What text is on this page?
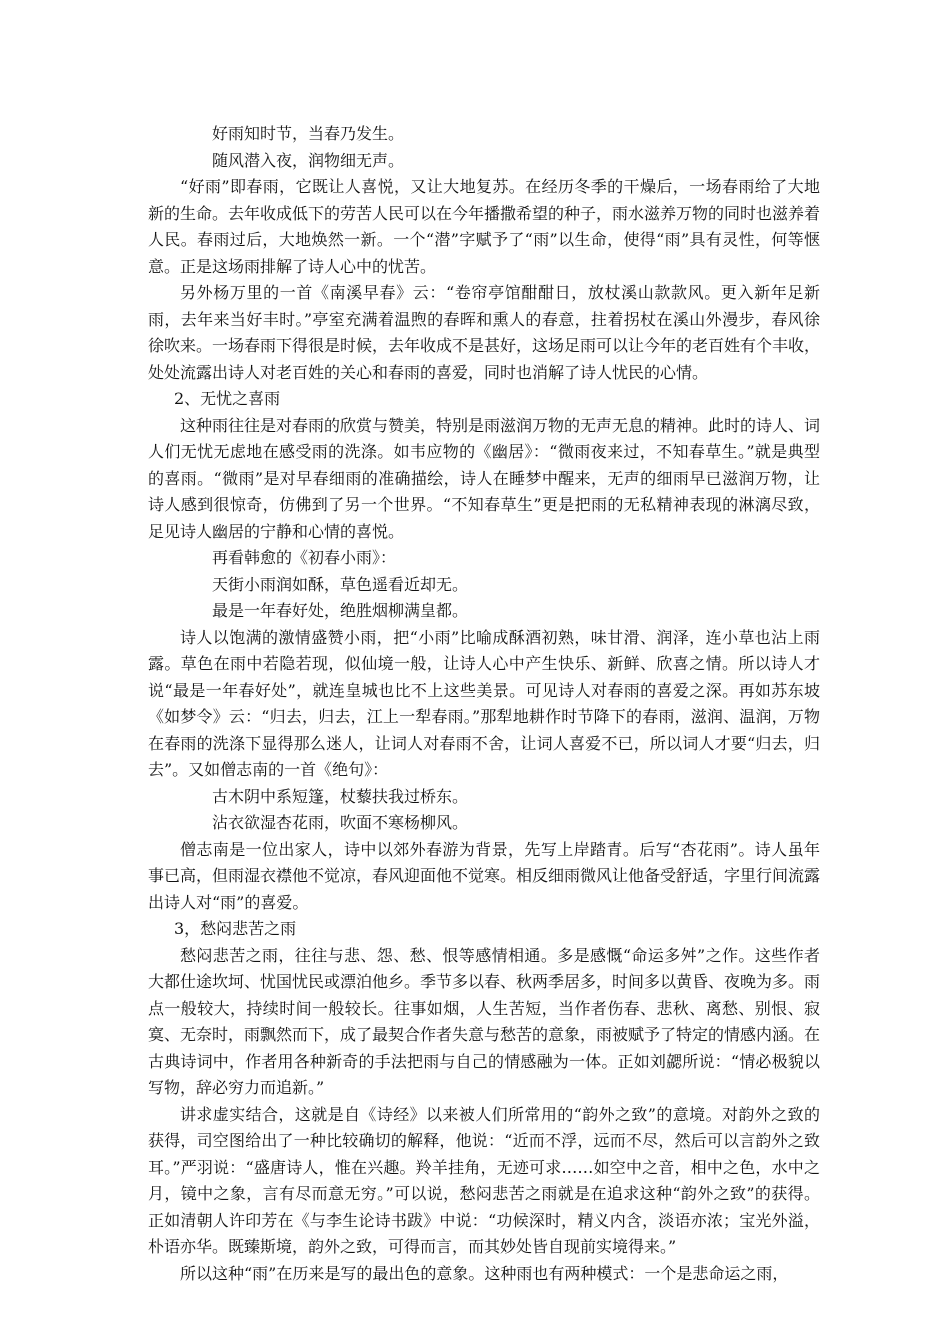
好雨知时节，当春乃发生。

随风潜入夜，润物细无声。

“好雨”即春雨，它既让人喜悦，又让大地复苏。在经历冬季的干燥后，一场春雨给了大地新的生命。去年收成低下的劳苦人民可以在今年播撒希望的种子，雨水滋养万物的同时也滋养着人民。春雨过后，大地焕然一新。一个“潜”字赋予了“雨”以生命，使得“雨”具有灵性，何等惬意。正是这场雨排解了诗人心中的忧苦。

另外杨万里的一首《南溪早春》云：“卷帘亭馆酣酣日，放杖溪山款款风。更入新年足新雨，去年来当好丰时。”亭室充满着温煦的春晖和熏人的春意，拄着拐杖在溪山外漫步，春风徐徐吹来。一场春雨下得很是时候，去年收成不是甚好，这场足雨可以让今年的老百姓有个丰收，处处流露出诗人对老百姓的关心和春雨的喜爱，同时也消解了诗人忧民的心情。

2、无忧之喜雨

这种雨往往是对春雨的欣赏与赞美，特别是雨滋润万物的无声无息的精神。此时的诗人、词人们无忧无虑地在感受雨的洗涤。如韦应物的《幽居》：“微雨夜来过，不知春草生。”就是典型的喜雨。“微雨”是对早春细雨的准确描绘，诗人在睡梦中醒来，无声的细雨早已滋润万物，让诗人感到很惊奇，仿佛到了另一个世界。“不知春草生”更是把雨的无私精神表现的淋漓尽致，足见诗人幽居的宁静和心情的喜悦。

再看韩愈的《初春小雨》：

天街小雨润如酥，草色遥看近却无。

最是一年春好处，绝胜烟柳满皇都。

诗人以饱满的激情盛赞小雨，把“小雨”比喻成酥酒初熟，味甘滑、润泽，连小草也沾上雨露。草色在雨中若隐若现，似仙境一般，让诗人心中产生快乐、新鲜、欣喜之情。所以诗人才说“最是一年春好处”，就连皇城也比不上这些美景。可见诗人对春雨的喜爱之深。再如苏东坡《如梦令》云：“归去，归去，江上一犁春雨。”那犁地耕作时节降下的春雨，滋润、温润，万物在春雨的洗涤下显得那么迷人，让词人对春雨不舍，让词人喜爱不已，所以词人才要“归去，归去”。又如僧志南的一首《绝句》：

古木阴中系短篷，杖藜扶我过桥东。

沾衣欲湿杏花雨，吹面不寒杨柳风。

僧志南是一位出家人，诗中以郊外春游为背景，先写上岸踏青。后写“杏花雨”。诗人虽年事已高，但雨湿衣襟他不觉凉，春风迎面他不觉寒。相反细雨微风让他备受舒适，字里行间流露出诗人对“雨”的喜爱。

3，愁闷悲苦之雨

愁闷悲苦之雨，往往与悲、怨、愁、恨等感情相通。多是感慨“命运多舛”之作。这些作者大都仕途坎坷、忧国忧民或漂泊他乡。季节多以春、秋两季居多，时间多以黄昏、夜晚为多。雨点一般较大，持续时间一般较长。往事如烟，人生苦短，当作者伤春、悲秋、离愁、别恨、寂寞、无奈时，雨飘然而下，成了最契合作者失意与愁苦的意象，雨被赋予了特定的情感内涵。在古典诗词中，作者用各种新奇的手法把雨与自己的情感融为一体。正如刘勰所说：“情必极貌以写物，辞必穷力而追新。”

讲求虚实结合，这就是自《诗经》以来被人们所常用的“韵外之致”的意境。对韵外之致的获得，司空图给出了一种比较确切的解释，他说：“近而不浮，远而不尽，然后可以言韵外之致耳。”严羽说：“盛唐诗人，惟在兴趣。羚羊挂角，无迹可求……如空中之音，相中之色，水中之月，镜中之象，言有尽而意无穷。”可以说，愁闷悲苦之雨就是在追求这种“韵外之致”的获得。正如清朝人许印芳在《与李生论诗书跋》中说：“功候深时，精义内含，淡语亦浓；宝光外溢，朴语亦华。既臻斯境，韵外之致，可得而言，而其妙处皆自现前实境得来。”

所以这种“雨”在历来是写的最出色的意象。这种雨也有两种模式：一个是悲命运之雨，
